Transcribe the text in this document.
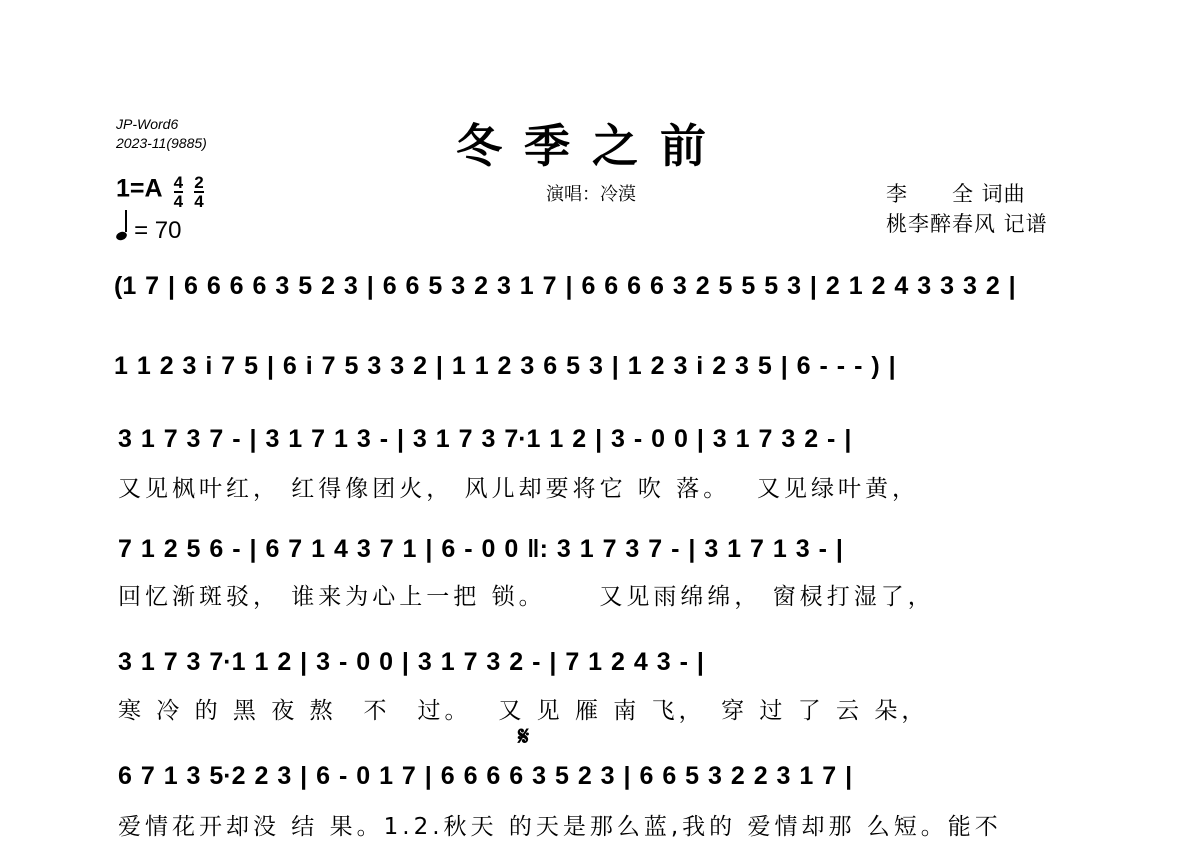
JP-Word6
2023-11(9885)	冬季之前
演唱：冷漠	李　　全 词曲
桃李醉春风 记谱
$1=A \frac{4}{4} \frac{2}{4}$
= 70
(1 7 | 6 6 6 6 3 5 2 3 | 6 6 5 3 2 3 1 7 | 6 6 6 6 3 2 5 5 5 3 | 2 1 2 4 3 3 3 2 |
1 1 2 3 i 7 5 | 6 i 7 5 3 3 2 | 1 1 2 3 6 5 3 | 1 2 3 i 2 3 5 | 6 - - - ) |
3 1 7 3 7 - | 3 1 7 1 3 - | 3 1 7 3 7·1 1 2 | 3 - 0 0 | 3 1 7 3 2 - |
又见枫叶红， 红得像团火， 风儿却要将它 吹 落。　 又见绿叶黄，
7 1 2 5 6 - | 6 7 1 4 3 7 1 | 6 - 0 0 ‖: 3 1 7 3 7 - | 3 1 7 1 3 - |
回忆渐斑驳， 谁来为心上一把 锁。　　 又见雨绵绵， 窗棂打湿了，
3 1 7 3 7·1 1 2 | 3 - 0 0 | 3 1 7 3 2 - | 7 1 2 4 3 - |
寒 冷 的 黑 夜 熬　不　过。　 又 见 雁 南 飞，　穿 过 了 云 朵，
𝄋
6 7 1 3 5·2 2 3 | 6 - 0 1 7 | 6 6 6 6 3 5 2 3 | 6 6 5 3 2 2 3 1 7 |
爱情花开却没 结 果。1.2.秋天 的天是那么蓝,我的 爱情却那 么短。能不
